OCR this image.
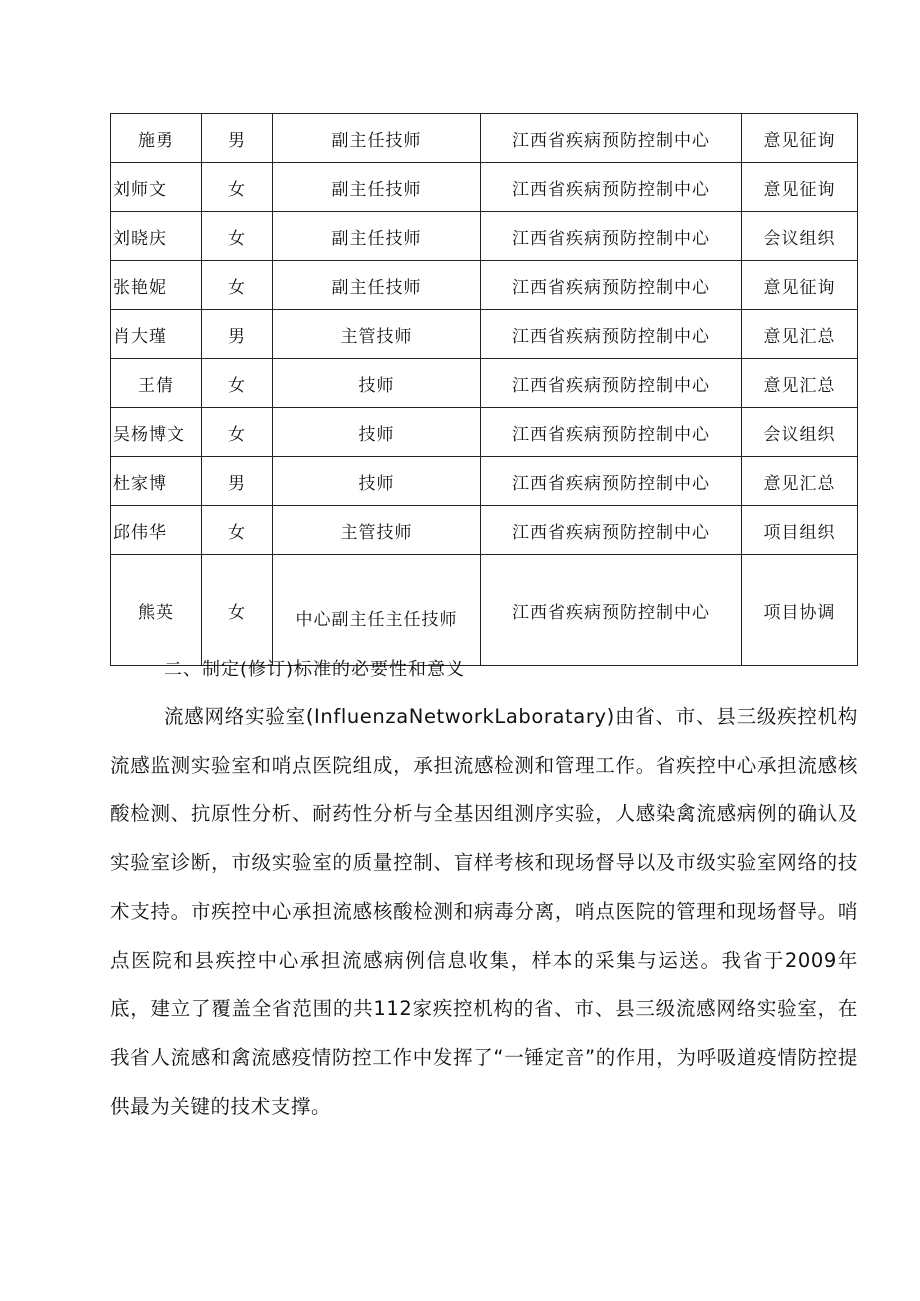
施勇	男	副主任技师	江西省疾病预防控制中心	意见征询
刘师文	女	副主任技师	江西省疾病预防控制中心	意见征询
刘晓庆	女	副主任技师	江西省疾病预防控制中心	会议组织
张艳妮	女	副主任技师	江西省疾病预防控制中心	意见征询
肖大瑾	男	主管技师	江西省疾病预防控制中心	意见汇总
王倩	女	技师	江西省疾病预防控制中心	意见汇总
吴杨博文	女	技师	江西省疾病预防控制中心	会议组织
杜家博	男	技师	江西省疾病预防控制中心	意见汇总
邱伟华	女	主管技师	江西省疾病预防控制中心	项目组织
熊英	女	中心副主任主任技师	江西省疾病预防控制中心	项目协调
二、制定(修订)标准的必要性和意义

流感网络实验室(InfluenzaNetworkLaboratary)由省、市、县三级疾控机构流感监测实验室和哨点医院组成，承担流感检测和管理工作。省疾控中心承担流感核酸检测、抗原性分析、耐药性分析与全基因组测序实验，人感染禽流感病例的确认及实验室诊断，市级实验室的质量控制、盲样考核和现场督导以及市级实验室网络的技术支持。市疾控中心承担流感核酸检测和病毒分离，哨点医院的管理和现场督导。哨点医院和县疾控中心承担流感病例信息收集，样本的采集与运送。我省于2009年底，建立了覆盖全省范围的共112家疾控机构的省、市、县三级流感网络实验室，在我省人流感和禽流感疫情防控工作中发挥了“一锤定音”的作用，为呼吸道疫情防控提供最为关键的技术支撑。
